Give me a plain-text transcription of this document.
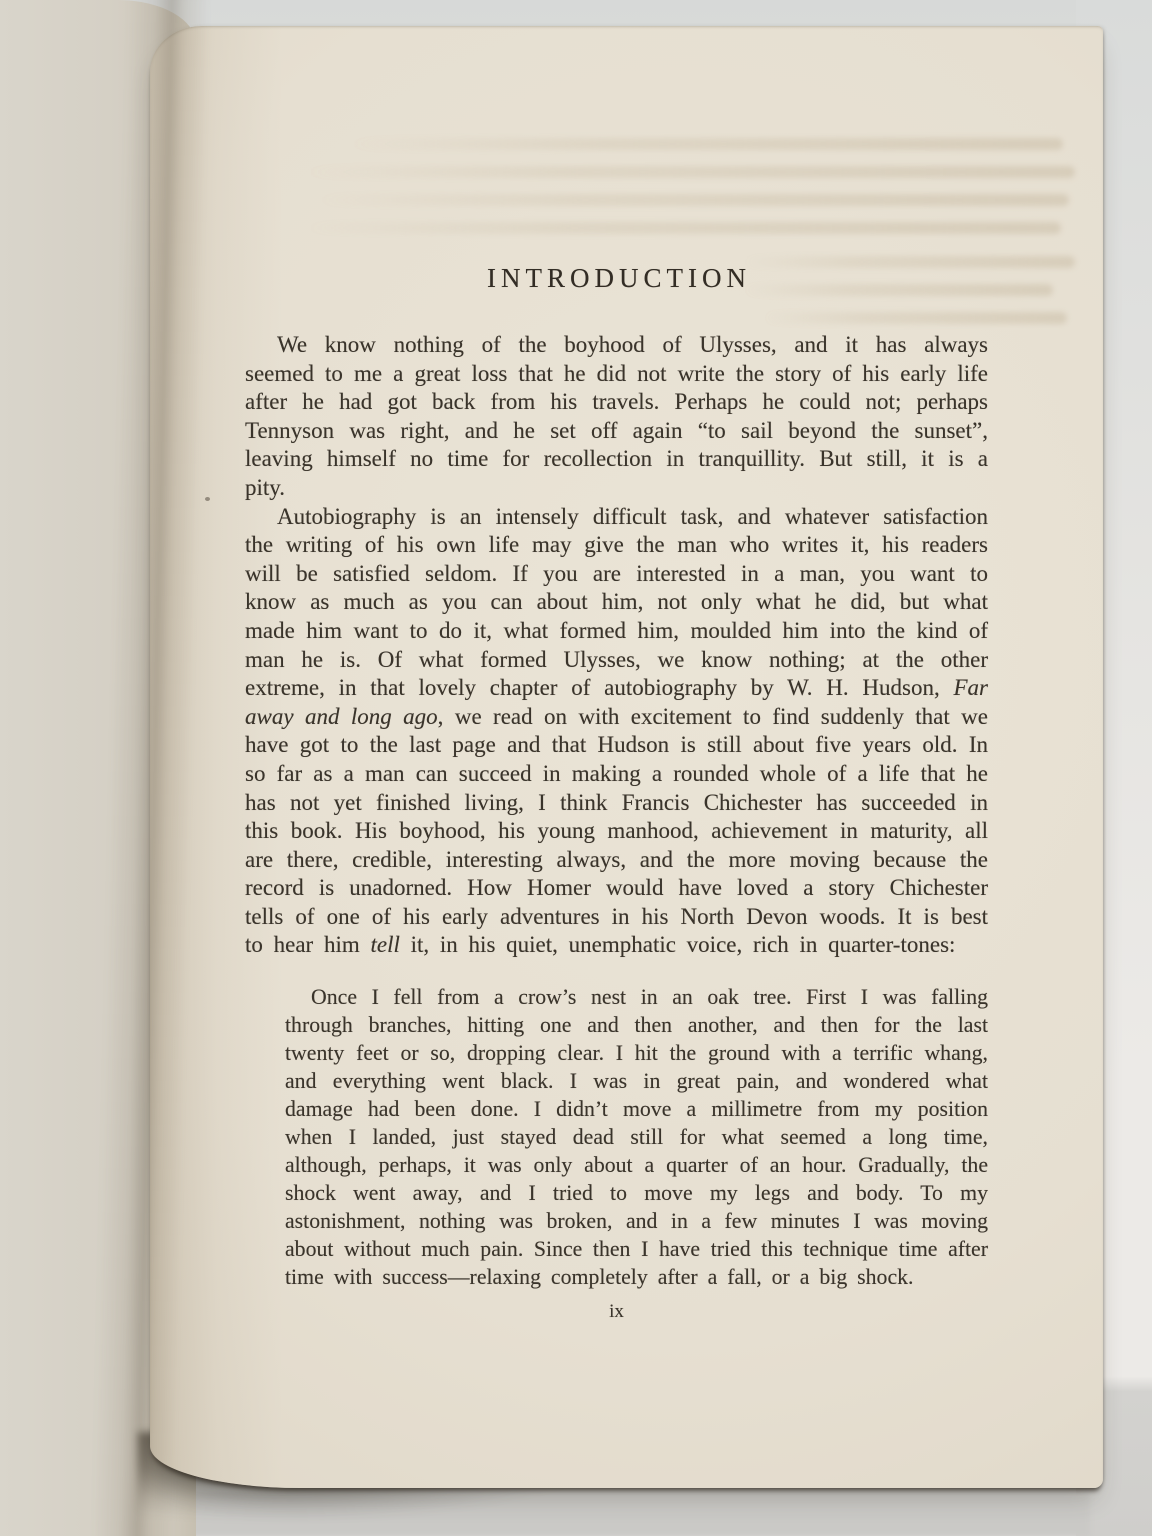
INTRODUCTION

We know nothing of the boyhood of Ulysses, and it has always seemed to me a great loss that he did not write the story of his early life after he had got back from his travels. Perhaps he could not; perhaps Tennyson was right, and he set off again “to sail beyond the sunset”, leaving himself no time for recollection in tranquillity. But still, it is a pity.

Autobiography is an intensely difficult task, and whatever satisfaction the writing of his own life may give the man who writes it, his readers will be satisfied seldom. If you are interested in a man, you want to know as much as you can about him, not only what he did, but what made him want to do it, what formed him, moulded him into the kind of man he is. Of what formed Ulysses, we know nothing; at the other extreme, in that lovely chapter of autobiography by W. H. Hudson, Far away and long ago, we read on with excitement to find suddenly that we have got to the last page and that Hudson is still about five years old. In so far as a man can succeed in making a rounded whole of a life that he has not yet finished living, I think Francis Chichester has succeeded in this book. His boyhood, his young manhood, achievement in maturity, all are there, credible, interesting always, and the more moving because the record is unadorned. How Homer would have loved a story Chichester tells of one of his early adventures in his North Devon woods. It is best to hear him tell it, in his quiet, unemphatic voice, rich in quarter-tones:

Once I fell from a crow’s nest in an oak tree. First I was falling through branches, hitting one and then another, and then for the last twenty feet or so, dropping clear. I hit the ground with a terrific whang, and everything went black. I was in great pain, and wondered what damage had been done. I didn’t move a millimetre from my position when I landed, just stayed dead still for what seemed a long time, although, perhaps, it was only about a quarter of an hour. Gradually, the shock went away, and I tried to move my legs and body. To my astonishment, nothing was broken, and in a few minutes I was moving about without much pain. Since then I have tried this technique time after time with success—relaxing completely after a fall, or a big shock.
ix
